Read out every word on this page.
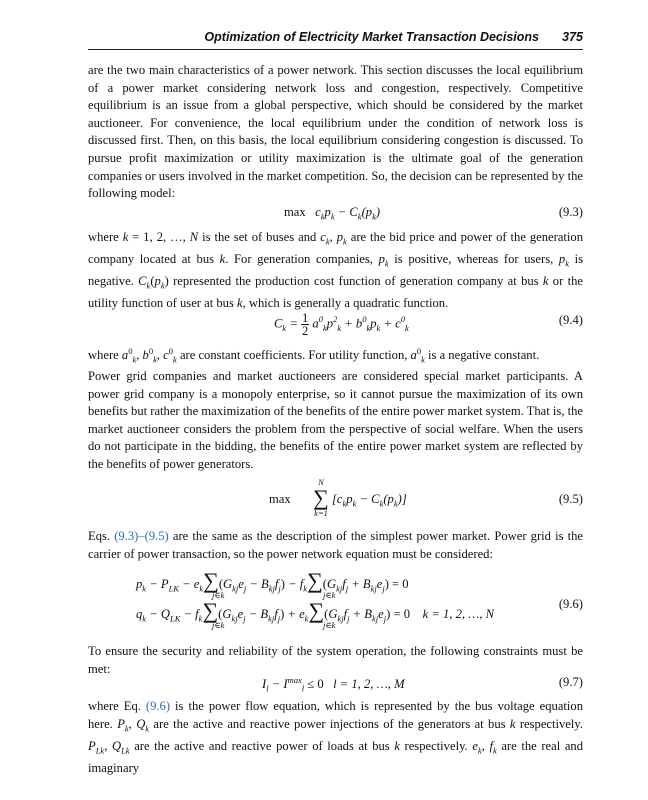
Optimization of Electricity Market Transaction Decisions 375

are the two main characteristics of a power network. This section discusses the local equilibrium of a power market considering network loss and congestion, respectively. Competitive equilibrium is an issue from a global perspective, which should be considered by the market auctioneer. For convenience, the local equilibrium under the condition of network loss is discussed first. Then, on this basis, the local equilibrium considering congestion is discussed. To pursue profit maximization or utility maximization is the ultimate goal of the generation companies or users involved in the market competition. So, the decision can be represented by the following model:

$\max c_kp_k - C_k(p_k)$	(9.3)

where k = 1, 2, …, N is the set of buses and $c_k$, $p_k$ are the bid price and power of the generation company located at bus k. For generation companies, $p_k$ is positive, whereas for users, $p_k$ is negative. $C_k(p_k)$ represented the production cost function of generation company at bus k or the utility function of user at bus k, which is generally a quadratic function.

$C_k = \frac{1}{2} a^0_kp^2_k + b^0_kp_k + c^0_k$
(9.4)

where $a^0_k$, $b^0_k$, $c^0_k$ are constant coefficients. For utility function, $a^0_k$ is a negative constant.

Power grid companies and market auctioneers are considered special market participants. A power grid company is a monopoly enterprise, so it cannot pursue the maximization of its own benefits but rather the maximization of the benefits of the entire power market system. That is, the market auctioneer considers the problem from the perspective of social welfare. When the users do not participate in the bidding, the benefits of the entire power market system are reflected by the benefits of power generators.

max
N
∑
k=1
$[c_kp_k - C_k(p_k)]$	(9.5)

Eqs. (9.3)–(9.5) are the same as the description of the simplest power market. Power grid is the carrier of power transaction, so the power network equation must be considered:

$p_k - P_{LK} - e_k\sum(G_{kj}e_j - B_{kj}f_j) - f_k\sum(G_{kj}f_j + B_{kj}e_j) = 0$
j∈k	j∈k
$q_k - Q_{LK} - f_k\sum(G_{kj}e_j - B_{kj}f_j) + e_k\sum(G_{kj}f_j + B_{kj}e_j) = 0$ k = 1, 2, …, N
j∈k	j∈k
(9.6)

To ensure the security and reliability of the system operation, the following constraints must be met:

$I_l - I^{max}_l \le 0$ l = 1, 2, …, M	(9.7)

where Eq. (9.6) is the power flow equation, which is represented by the bus voltage equation here. $P_k$, $Q_k$ are the active and reactive power injections of the generators at bus k respectively. $P_{Lk}$, $Q_{Lk}$ are the active and reactive power of loads at bus k respectively. $e_k$, $f_k$ are the real and imaginary
